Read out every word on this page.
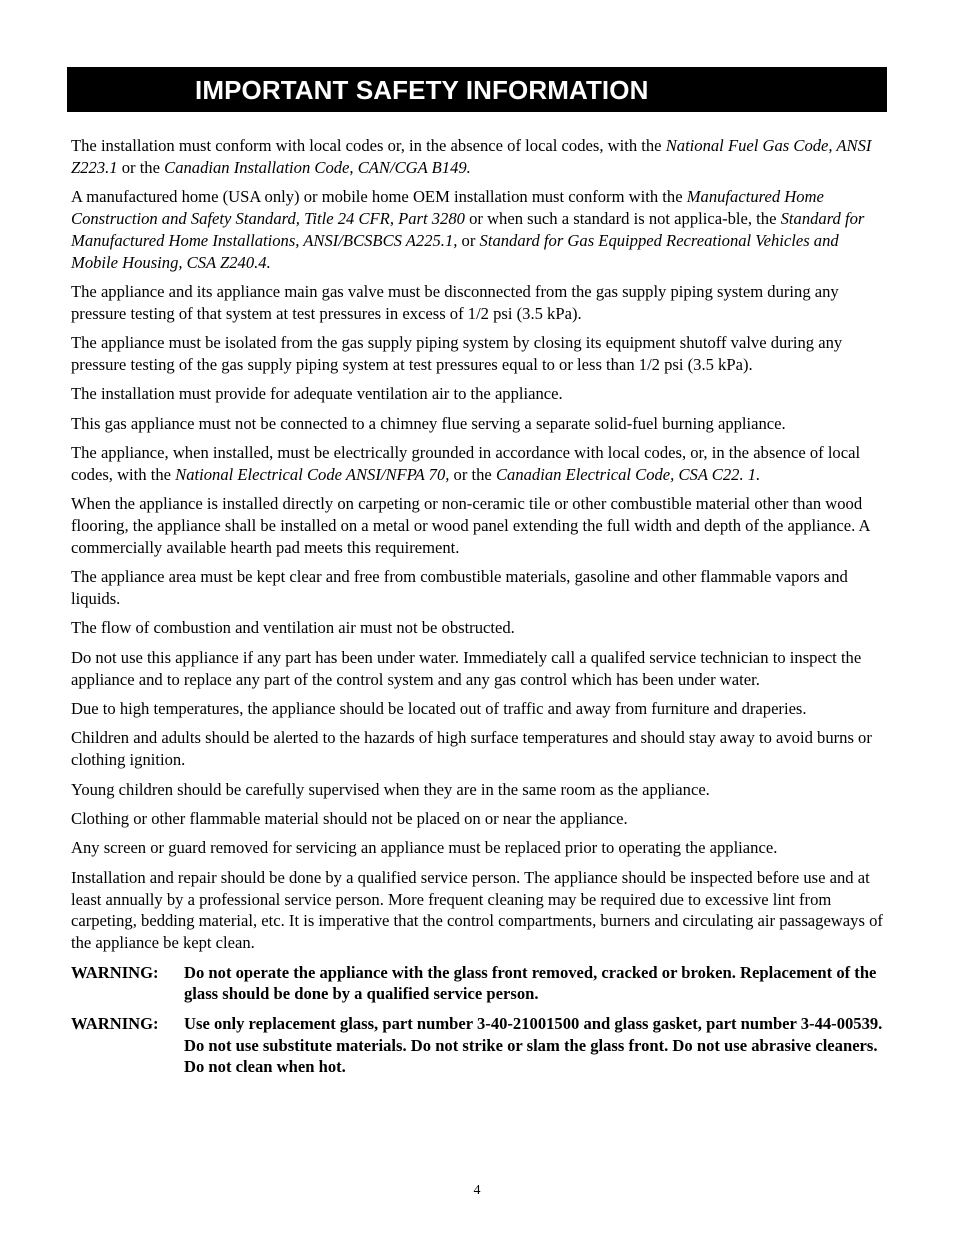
IMPORTANT SAFETY INFORMATION

The installation must conform with local codes or, in the absence of local codes, with the National Fuel Gas Code, ANSI Z223.1 or the Canadian Installation Code, CAN/CGA B149.

A manufactured home (USA only) or mobile home OEM installation must conform with the Manufactured Home Construction and Safety Standard, Title 24 CFR, Part 3280 or when such a standard is not applica-ble, the Standard for Manufactured Home Installations, ANSI/BCSBCS A225.1, or Standard for Gas Equipped Recreational Vehicles and Mobile Housing, CSA Z240.4.

The appliance and its appliance main gas valve must be disconnected from the gas supply piping system during any pressure testing of that system at test pressures in excess of 1/2 psi (3.5 kPa).

The appliance must be isolated from the gas supply piping system by closing its equipment shutoff valve during any pressure testing of the gas supply piping system at test pressures equal to or less than 1/2 psi (3.5 kPa).

The installation must provide for adequate ventilation air to the appliance.

This gas appliance must not be connected to a chimney flue serving a separate solid-fuel burning appliance.

The appliance, when installed, must be electrically grounded in accordance with local codes, or, in the absence of local codes, with the National Electrical Code ANSI/NFPA 70, or the Canadian Electrical Code, CSA C22. 1.

When the appliance is installed directly on carpeting or non-ceramic tile or other combustible material other than wood flooring, the appliance shall be installed on a metal or wood panel extending the full width and depth of the appliance. A commercially available hearth pad meets this requirement.

The appliance area must be kept clear and free from combustible materials, gasoline and other flammable vapors and liquids.

The flow of combustion and ventilation air must not be obstructed.

Do not use this appliance if any part has been under water. Immediately call a qualifed service technician to inspect the appliance and to replace any part of the control system and any gas control which has been under water.

Due to high temperatures, the appliance should be located out of traffic and away from furniture and draperies.

Children and adults should be alerted to the hazards of high surface temperatures and should stay away to avoid burns or clothing ignition.

Young children should be carefully supervised when they are in the same room as the appliance.

Clothing or other flammable material should not be placed on or near the appliance.

Any screen or guard removed for servicing an appliance must be replaced prior to operating the appliance.

Installation and repair should be done by a qualified service person. The appliance should be inspected before use and at least annually by a professional service person. More frequent cleaning may be required due to excessive lint from carpeting, bedding material, etc. It is imperative that the control compartments, burners and circulating air passageways of the appliance be kept clean.

WARNING:	Do not operate the appliance with the glass front removed, cracked or broken. Replacement of the glass should be done by a qualified service person.
WARNING:	Use only replacement glass, part number 3-40-21001500 and glass gasket, part number 3-44-00539. Do not use substitute materials. Do not strike or slam the glass front. Do not use abrasive cleaners. Do not clean when hot.
4
